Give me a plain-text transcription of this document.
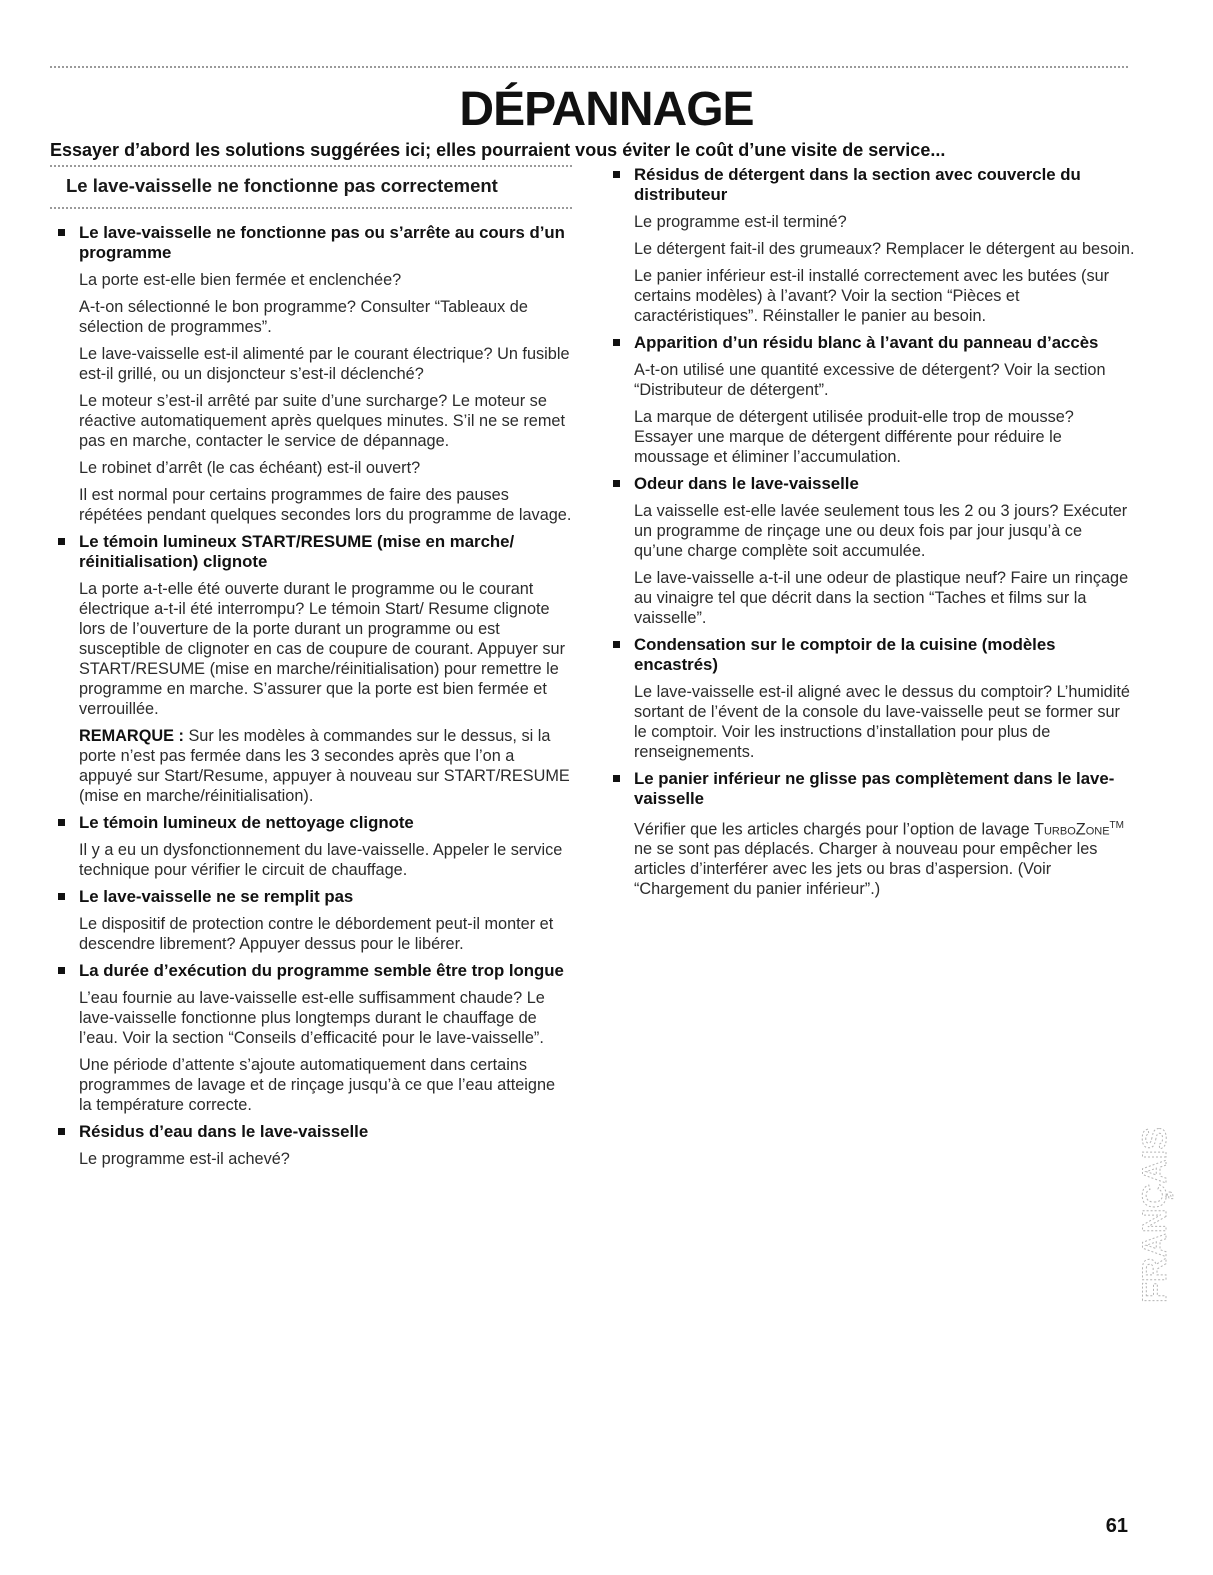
DÉPANNAGE

Essayer d’abord les solutions suggérées ici; elles pourraient vous éviter le coût d’une visite de service...

Le lave-vaisselle ne fonctionne pas correctement
Le lave-vaisselle ne fonctionne pas ou s’arrête au cours d’un programme

La porte est-elle bien fermée et enclenchée?

A-t-on sélectionné le bon programme? Consulter “Tableaux de sélection de programmes”.

Le lave-vaisselle est-il alimenté par le courant électrique? Un fusible est-il grillé, ou un disjoncteur s’est-il déclenché?

Le moteur s’est-il arrêté par suite d’une surcharge? Le moteur se réactive automatiquement après quelques minutes. S’il ne se remet pas en marche, contacter le service de dépannage.

Le robinet d’arrêt (le cas échéant) est-il ouvert?

Il est normal pour certains programmes de faire des pauses répétées pendant quelques secondes lors du programme de lavage.

Le témoin lumineux START/RESUME (mise en marche/ réinitialisation) clignote

La porte a-t-elle été ouverte durant le programme ou le courant électrique a-t-il été interrompu? Le témoin Start/ Resume clignote lors de l’ouverture de la porte durant un programme ou est susceptible de clignoter en cas de coupure de courant. Appuyer sur START/RESUME (mise en marche/réinitialisation) pour remettre le programme en marche. S’assurer que la porte est bien fermée et verrouillée.

REMARQUE : Sur les modèles à commandes sur le dessus, si la porte n’est pas fermée dans les 3 secondes après que l’on a appuyé sur Start/Resume, appuyer à nouveau sur START/RESUME (mise en marche/réinitialisation).

Le témoin lumineux de nettoyage clignote

Il y a eu un dysfonctionnement du lave-vaisselle. Appeler le service technique pour vérifier le circuit de chauffage.

Le lave-vaisselle ne se remplit pas

Le dispositif de protection contre le débordement peut-il monter et descendre librement? Appuyer dessus pour le libérer.

La durée d’exécution du programme semble être trop longue

L’eau fournie au lave-vaisselle est-elle suffisamment chaude? Le lave-vaisselle fonctionne plus longtemps durant le chauffage de l’eau. Voir la section “Conseils d’efficacité pour le lave-vaisselle”.

Une période d’attente s’ajoute automatiquement dans certains programmes de lavage et de rinçage jusqu’à ce que l’eau atteigne la température correcte.

Résidus d’eau dans le lave-vaisselle

Le programme est-il achevé?

Résidus de détergent dans la section avec couvercle du distributeur

Le programme est-il terminé?

Le détergent fait-il des grumeaux? Remplacer le détergent au besoin.

Le panier inférieur est-il installé correctement avec les butées (sur certains modèles) à l’avant? Voir la section “Pièces et caractéristiques”. Réinstaller le panier au besoin.

Apparition d’un résidu blanc à l’avant du panneau d’accès

A-t-on utilisé une quantité excessive de détergent? Voir la section “Distributeur de détergent”.

La marque de détergent utilisée produit-elle trop de mousse? Essayer une marque de détergent différente pour réduire le moussage et éliminer l’accumulation.

Odeur dans le lave-vaisselle

La vaisselle est-elle lavée seulement tous les 2 ou 3 jours? Exécuter un programme de rinçage une ou deux fois par jour jusqu’à ce qu’une charge complète soit accumulée.

Le lave-vaisselle a-t-il une odeur de plastique neuf? Faire un rinçage au vinaigre tel que décrit dans la section “Taches et films sur la vaisselle”.

Condensation sur le comptoir de la cuisine (modèles encastrés)

Le lave-vaisselle est-il aligné avec le dessus du comptoir? L’humidité sortant de l’évent de la console du lave-vaisselle peut se former sur le comptoir. Voir les instructions d’installation pour plus de renseignements.

Le panier inférieur ne glisse pas complètement dans le lave-vaisselle

Vérifier que les articles chargés pour l’option de lavage TurboZone™ ne se sont pas déplacés. Charger à nouveau pour empêcher les articles d’interférer avec les jets ou bras d’aspersion. (Voir “Chargement du panier inférieur”.)

FRANÇAIS
61
